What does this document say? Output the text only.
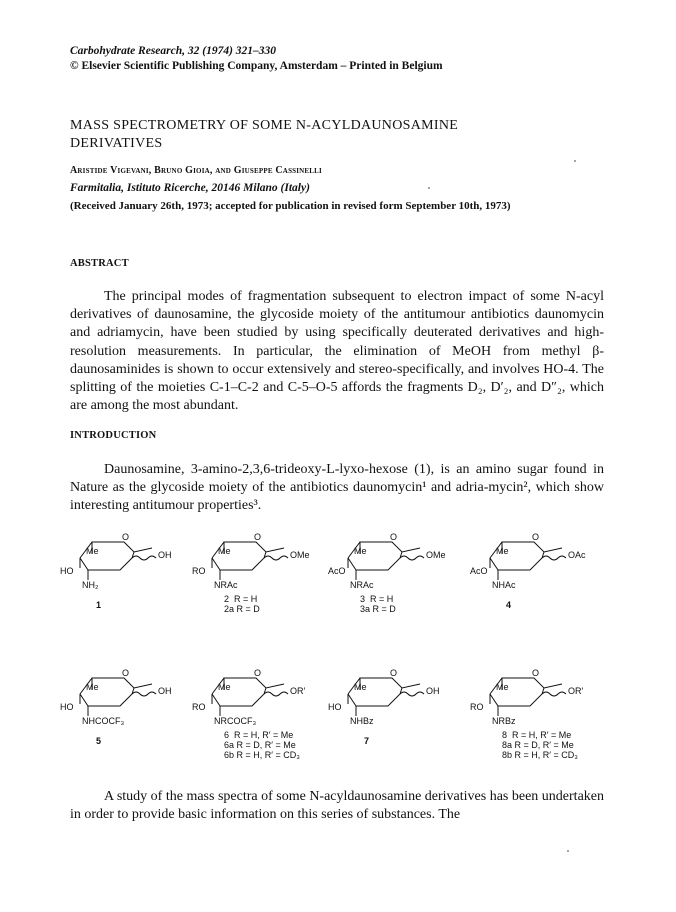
Carbohydrate Research, 32 (1974) 321–330
© Elsevier Scientific Publishing Company, Amsterdam – Printed in Belgium
MASS SPECTROMETRY OF SOME N-ACYLDAUNOSAMINE
DERIVATIVES
Aristide Vigevani, Bruno Gioia, and Giuseppe Cassinelli
Farmitalia, Istituto Ricerche, 20146 Milano (Italy)
(Received January 26th, 1973; accepted for publication in revised form September 10th, 1973)
ABSTRACT

The principal modes of fragmentation subsequent to electron impact of some N-acyl derivatives of daunosamine, the glycoside moiety of the antitumour antibiotics daunomycin and adriamycin, have been studied by using specifically deuterated derivatives and high-resolution measurements. In particular, the elimination of MeOH from methyl β-daunosaminides is shown to occur extensively and stereo-specifically, and involves HO-4. The splitting of the moieties C-1–C-2 and C-5–O-5 affords the fragments D₂, D′₂, and D″₂, which are among the most abundant.

INTRODUCTION

Daunosamine, 3-amino-2,3,6-trideoxy-L-lyxo-hexose (1), is an amino sugar found in Nature as the glycoside moiety of the antibiotics daunomycin¹ and adria-mycin², which show interesting antitumour properties³.

O
Me	OH
HO
NH₂
1
O
Me	OMe
RO
NRAc
2  R = H
2a R = D
O
Me	OMe
AcO
NRAc
3  R = H
3a R = D
O
Me	OAc
AcO
NHAc
4
O
Me	OH
HO
NHCOCF₃
5
O
Me	OR′
RO
NRCOCF₃
6  R = H, R′ = Me
6a R = D, R′ = Me
6b R = H, R′ = CD₃
O
Me	OH
HO
NHBz
7
O
Me	OR′
RO
NRBz
8  R = H, R′ = Me
8a R = D, R′ = Me
8b R = H, R′ = CD₃

A study of the mass spectra of some N-acyldaunosamine derivatives has been undertaken in order to provide basic information on this series of substances. The
